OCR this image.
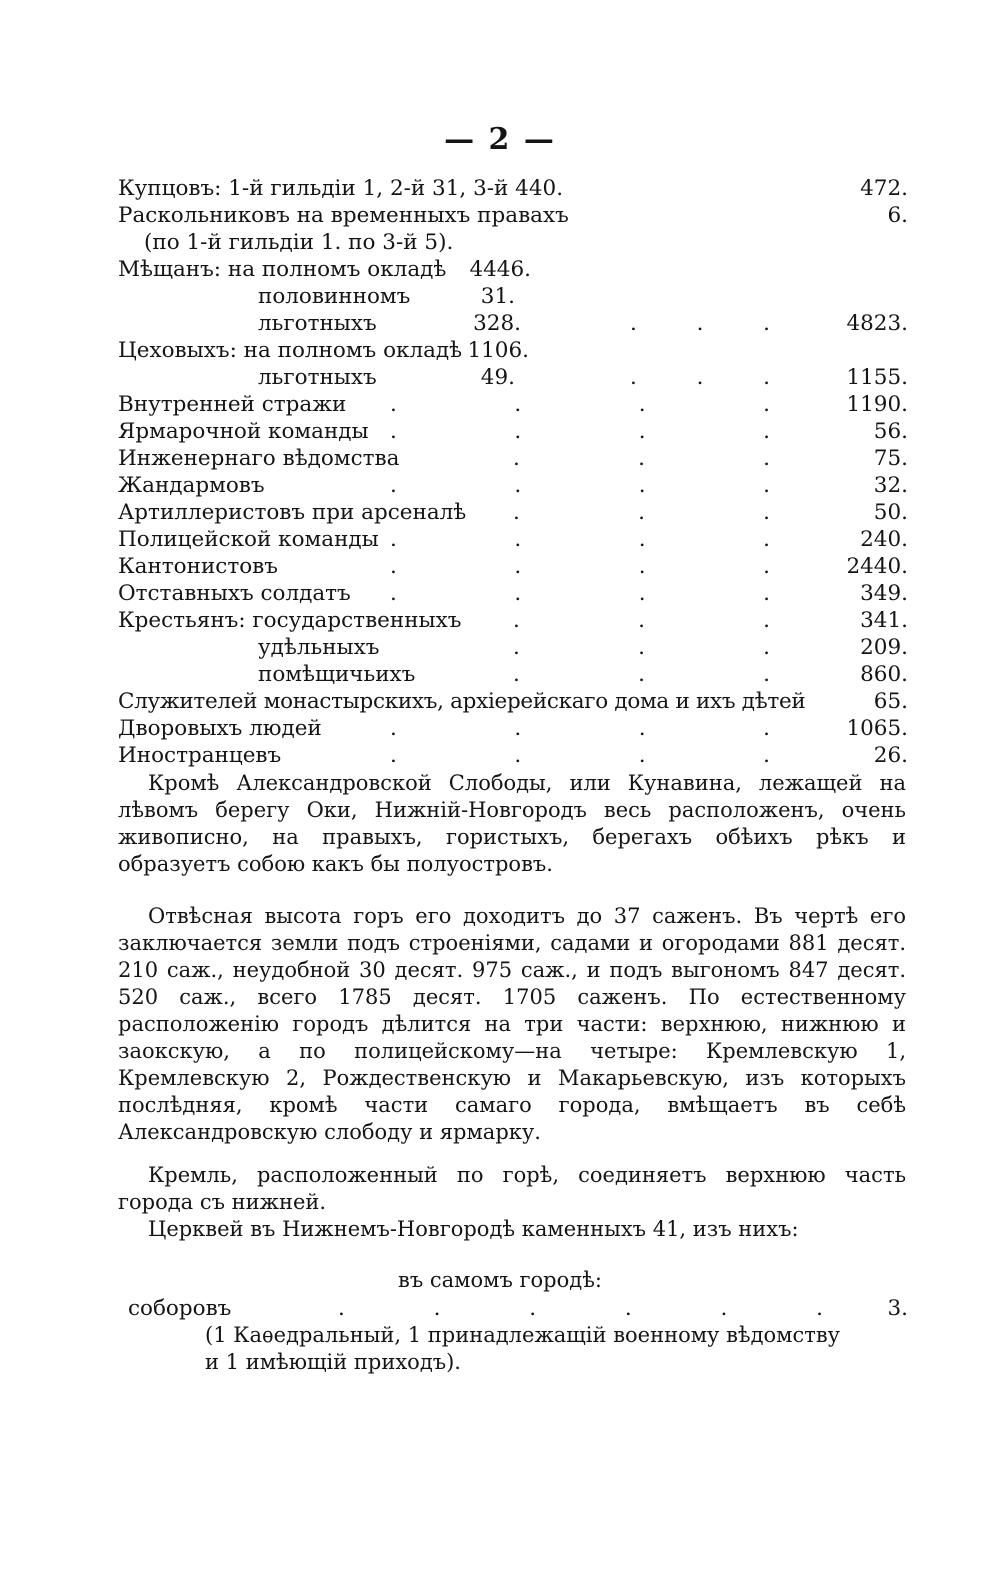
— 2 —
Купцовъ: 1-й гильдіи 1, 2-й 31, 3-й 440.	472.
Раскольниковъ на временныхъ правахъ	6.
(по 1-й гильдіи 1. по 3-й 5).
Мѣщанъ: на полномъ окладѣ 4446.
половинномъ	31.
льготныхъ	328.	.	.	.	4823.
Цеховыхъ: на полномъ окладѣ 1106.
льготныхъ	49.	.	.	.	1155.
Внутренней стражи .	.	.	.	1190.
Ярмарочной команды .	.	.	.	56.
Инженернаго вѣдомства	.	.	.	75.
Жандармовъ	.	.	.	.	32.
Артиллеристовъ при арсеналѣ .	.	.	50.
Полицейской команды .	.	.	.	240.
Кантонистовъ	.	.	.	.	2440.
Отставныхъ солдатъ .	.	.	.	349.
Крестьянъ: государственныхъ .	.	.	341.
удѣльныхъ	.	.	.	209.
помѣщичьихъ	.	.	.	860.
Служителей монастырскихъ, архіерейскаго дома и ихъ дѣтей	65.
Дворовыхъ людей	.	.	.	.	1065.
Иностранцевъ	.	.	.	.	26.

Кромѣ Александровской Слободы, или Кунавина, лежащей на лѣвомъ берегу Оки, Нижній-Новгородъ весь расположенъ, очень живописно, на правыхъ, гористыхъ, берегахъ обѣихъ рѣкъ и образуетъ собою какъ бы полуостровъ.

Отвѣсная высота горъ его доходитъ до 37 саженъ. Въ чертѣ его заключается земли подъ строеніями, садами и огородами 881 десят. 210 саж., неудобной 30 десят. 975 саж., и подъ выгономъ 847 десят. 520 саж., всего 1785 десят. 1705 саженъ. По естественному расположенію городъ дѣлится на три части: верхнюю, нижнюю и заокскую, а по полицейскому—на четыре: Кремлевскую 1, Кремлевскую 2, Рождественскую и Макарьевскую, изъ которыхъ послѣдняя, кромѣ части самаго города, вмѣщаетъ въ себѣ Александровскую слободу и ярмарку.

Кремль, расположенный по горѣ, соединяетъ верхнюю часть города съ нижней.

Церквей въ Нижнемъ-Новгородѣ каменныхъ 41, изъ нихъ:

въ самомъ городѣ:
соборовъ	.	.	.	.	.	.	3.

(1 Каѳедральный, 1 принадлежащій военному вѣдомству и 1 имѣющій приходъ).
